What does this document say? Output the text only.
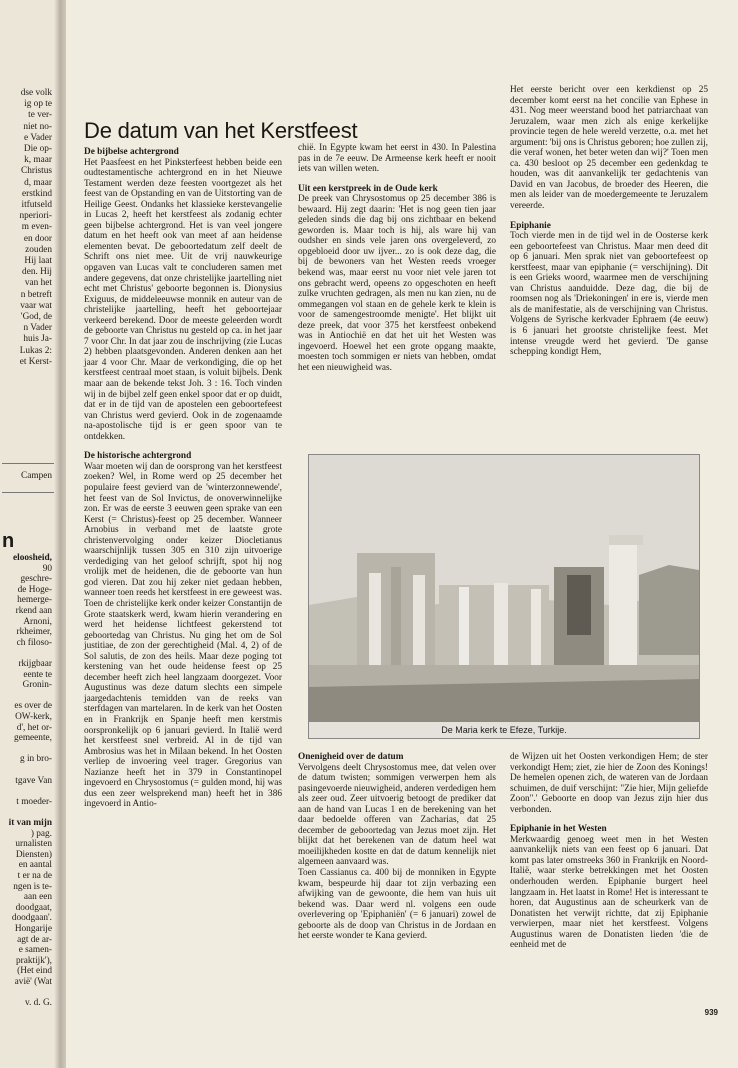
dse volk
ig op te
te ver-
niet no-
e Vader
Die op-
k, maar
Christus
d, maar
erstkind
itfutseld
nperiori-
m even-
en door
zouden
Hij laat
den. Hij
van het
n betreft
vaar wat
'God, de
n Vader
huis Ja-
Lukas 2:
et Kerst-
Campen
n
eloosheid,
90
geschre-
de Hoge-
hemerge-
rkend aan
Arnoni,
rkheimer,
ch filoso-
rkijgbaar
eente te
Gronin-
es over de
OW-kerk,
d', het or-
gemeente,
g in bro-
tgave Van
t moeder-
it van mijn
) pag.
urnalisten
Diensten)
en aantal
t er na de
ngen is te-
aan een
doodgaat,
doodgaan'.
Hongarije
agt de ar-
e samen-
praktijk'),
(Het eind
avië' (Wat
v. d. G.
De datum van het Kerstfeest
De bijbelse achtergrond

Het Paasfeest en het Pinksterfeest hebben beide een oudtestamentische achtergrond en in het Nieuwe Testament werden deze feesten voortgezet als het feest van de Opstanding en van de Uitstorting van de Heilige Geest. Ondanks het klassieke kerstevangelie in Lucas 2, heeft het kerstfeest als zodanig echter geen bijbelse achtergrond. Het is van veel jongere datum en het heeft ook van meet af aan heidense elementen bevat. De geboortedatum zelf deelt de Schrift ons niet mee. Uit de vrij nauwkeurige opgaven van Lucas valt te concluderen samen met andere gegevens, dat onze christelijke jaartelling niet echt met Christus' geboorte begonnen is. Dionysius Exiguus, de middeleeuwse monnik en auteur van de christelijke jaartelling, heeft het geboortejaar verkeerd berekend. Door de meeste geleerden wordt de geboorte van Christus nu gesteld op ca. in het jaar 7 voor Chr. In dat jaar zou de inschrijving (zie Lucas 2) hebben plaatsgevonden. Anderen denken aan het jaar 4 voor Chr. Maar de verkondiging, die op het kerstfeest centraal moet staan, is voluit bijbels. Denk maar aan de bekende tekst Joh. 3 : 16. Toch vinden wij in de bijbel zelf geen enkel spoor dat er op duidt, dat er in de tijd van de apostelen een geboortefeest van Christus werd gevierd. Ook in de zogenaamde na-apostolische tijd is er geen spoor van te ontdekken.

De historische achtergrond

Waar moeten wij dan de oorsprong van het kerstfeest zoeken? Wel, in Rome werd op 25 december het populaire feest gevierd van de 'winterzonnewende', het feest van de Sol Invictus, de onoverwinnelijke zon. Er was de eerste 3 eeuwen geen sprake van een Kerst (= Christus)-feest op 25 december. Wanneer Arnobius in verband met de laatste grote christenvervolging onder keizer Diocletianus waarschijnlijk tussen 305 en 310 zijn uitvoerige verdediging van het geloof schrijft, spot hij nog vrolijk met de heidenen, die de geboorte van hun god vieren. Dat zou hij zeker niet gedaan hebben, wanneer toen reeds het kerstfeest in ere geweest was.

Toen de christelijke kerk onder keizer Constantijn de Grote staatskerk werd, kwam hierin verandering en werd het heidense lichtfeest gekerstend tot geboortedag van Christus. Nu ging het om de Sol justitiae, de zon der gerechtigheid (Mal. 4, 2) of de Sol salutis, de zon des heils. Maar deze poging tot kerstening van het oude heidense feest op 25 december heeft zich heel langzaam doorgezet. Voor Augustinus was deze datum slechts een simpele jaargedachtenis temidden van de reeks van sterfdagen van martelaren. In de kerk van het Oosten en in Frankrijk en Spanje heeft men kerstmis oorspronkelijk op 6 januari gevierd. In Italië werd het kerstfeest snel verbreid. Al in de tijd van Ambrosius was het in Milaan bekend. In het Oosten verliep de invoering veel trager. Gregorius van Nazianze heeft het in 379 in Constantinopel ingevoerd en Chrysostomus (= gulden mond, hij was dus een zeer welsprekend man) heeft het in 386 ingevoerd in Antio-

chië. In Egypte kwam het eerst in 430. In Palestina pas in de 7e eeuw. De Armeense kerk heeft er nooit iets van willen weten.

Uit een kerstpreek in de Oude kerk

De preek van Chrysostomus op 25 december 386 is bewaard. Hij zegt daarin: 'Het is nog geen tien jaar geleden sinds die dag bij ons zichtbaar en bekend geworden is. Maar toch is hij, als ware hij van oudsher en sinds vele jaren ons overgeleverd, zo opgebloeid door uw ijver... zo is ook deze dag, die bij de bewoners van het Westen reeds vroeger bekend was, maar eerst nu voor niet vele jaren tot ons gebracht werd, opeens zo opgeschoten en heeft zulke vruchten gedragen, als men nu kan zien, nu de ommegangen vol staan en de gehele kerk te klein is voor de samengestroomde menigte'. Het blijkt uit deze preek, dat voor 375 het kerstfeest onbekend was in Antiochië en dat het uit het Westen was ingevoerd. Hoewel het een grote opgang maakte, moesten toch sommigen er niets van hebben, omdat het een nieuwigheid was.

Het eerste bericht over een kerkdienst op 25 december komt eerst na het concilie van Ephese in 431. Nog meer weerstand bood het patriarchaat van Jeruzalem, waar men zich als enige kerkelijke provincie tegen de hele wereld verzette, o.a. met het argument: 'bij ons is Christus geboren; hoe zullen zij, die veraf wonen, het beter weten dan wij?' Toen men ca. 430 besloot op 25 december een gedenkdag te houden, was dit aanvankelijk ter gedachtenis van David en van Jacobus, de broeder des Heeren, die men als leider van de moedergemeente te Jeruzalem vereerde.

Epiphanie

Toch vierde men in de tijd wel in de Oosterse kerk een geboortefeest van Christus. Maar men deed dit op 6 januari. Men sprak niet van geboortefeest op kerstfeest, maar van epiphanie (= verschijning). Dit is een Grieks woord, waarmee men de verschijning van Christus aanduidde. Deze dag, die bij de roomsen nog als 'Driekoningen' in ere is, vierde men als de manifestatie, als de verschijning van Christus. Volgens de Syrische kerkvader Ephraem (4e eeuw) is 6 januari het grootste christelijke feest. Met intense vreugde werd het gevierd. 'De ganse schepping kondigt Hem,

De Maria kerk te Efeze, Turkije.
Onenigheid over de datum

Vervolgens deelt Chrysostomus mee, dat velen over de datum twisten; sommigen verwerpen hem als pasingevoerde nieuwigheid, anderen verdedigen hem als zeer oud. Zeer uitvoerig betoogt de prediker dat aan de hand van Lucas 1 en de berekening van het daar bedoelde offeren van Zacharias, dat 25 december de geboortedag van Jezus moet zijn. Het blijkt dat het berekenen van de datum heel wat moeilijkheden kostte en dat de datum kennelijk niet algemeen aanvaard was.

Toen Cassianus ca. 400 bij de monniken in Egypte kwam, bespeurde hij daar tot zijn verbazing een afwijking van de gewoonte, die hem van huis uit bekend was. Daar werd nl. volgens een oude overlevering op 'Epiphaniën' (= 6 januari) zowel de geboorte als de doop van Christus in de Jordaan en het eerste wonder te Kana gevierd.

de Wijzen uit het Oosten verkondigen Hem; de ster verkondigt Hem; ziet, zie hier de Zoon des Konings! De hemelen openen zich, de wateren van de Jordaan schuimen, de duif verschijnt: "Zie hier, Mijn geliefde Zoon".' Geboorte en doop van Jezus zijn hier dus verbonden.

Epiphanie in het Westen

Merkwaardig genoeg weet men in het Westen aanvankelijk niets van een feest op 6 januari. Dat komt pas later omstreeks 360 in Frankrijk en Noord-Italië, waar sterke betrekkingen met het Oosten onderhouden werden. Epiphanie burgert heel langzaam in. Het laatst in Rome! Het is interessant te horen, dat Augustinus aan de scheurkerk van de Donatisten het verwijt richtte, dat zij Epiphanie verwierpen, maar niet het kerstfeest. Volgens Augustinus waren de Donatisten lieden 'die de eenheid met de

939
